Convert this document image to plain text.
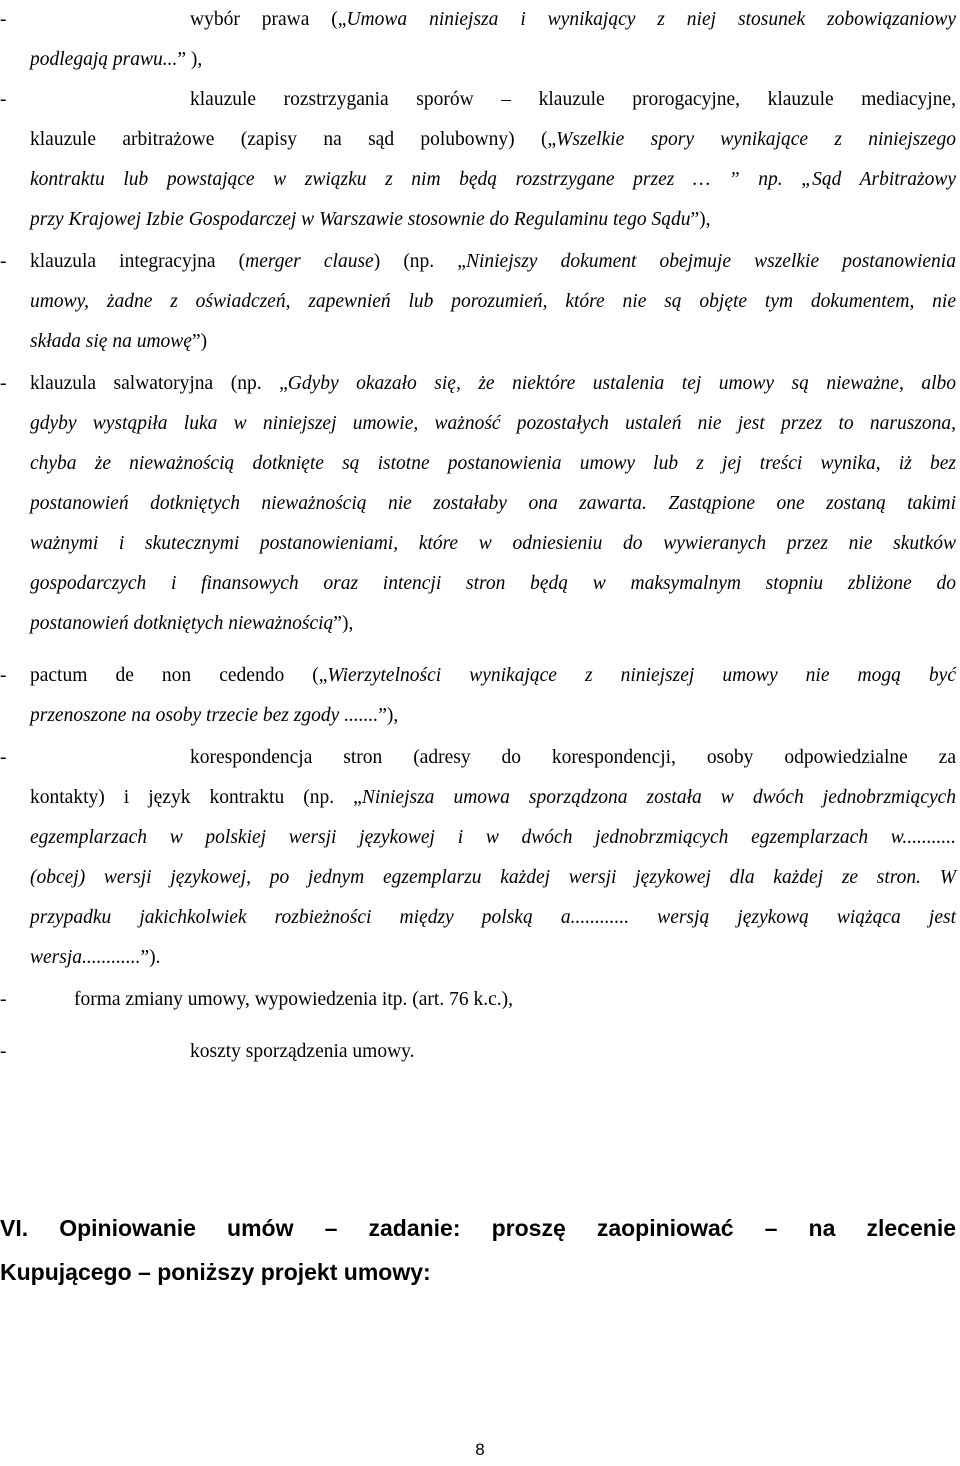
-	wybór prawa („Umowa niniejsza i wynikający z niej stosunek zobowiązaniowy
podlegają prawu...” ),
-	klauzule rozstrzygania sporów – klauzule prorogacyjne, klauzule mediacyjne,
klauzule arbitrażowe (zapisy na sąd polubowny) („Wszelkie spory wynikające z niniejszego
kontraktu lub powstające w związku z nim będą rozstrzygane przez … ” np. „Sąd Arbitrażowy
przy Krajowej Izbie Gospodarczej w Warszawie stosownie do Regulaminu tego Sądu”),
- klauzula integracyjna (merger clause) (np. „Niniejszy dokument obejmuje wszelkie postanowienia
umowy, żadne z oświadczeń, zapewnień lub porozumień, które nie są objęte tym dokumentem, nie
składa się na umowę”)
- klauzula salwatoryjna (np. „Gdyby okazało się, że niektóre ustalenia tej umowy są nieważne, albo
gdyby wystąpiła luka w niniejszej umowie, ważność pozostałych ustaleń nie jest przez to naruszona,
chyba że nieważnością dotknięte są istotne postanowienia umowy lub z jej treści wynika, iż bez
postanowień dotkniętych nieważnością nie zostałaby ona zawarta. Zastąpione one zostaną takimi
ważnymi i skutecznymi postanowieniami, które w odniesieniu do wywieranych przez nie skutków
gospodarczych i finansowych oraz intencji stron będą w maksymalnym stopniu zbliżone do
postanowień dotkniętych nieważnością”),
- pactum de non cedendo („Wierzytelności wynikające z niniejszej umowy nie mogą być
przenoszone na osoby trzecie bez zgody .......”),
-	korespondencja stron (adresy do korespondencji, osoby odpowiedzialne za
kontakty) i język kontraktu (np. „Niniejsza umowa sporządzona została w dwóch jednobrzmiących
egzemplarzach w polskiej wersji językowej i w dwóch jednobrzmiących egzemplarzach w...........
(obcej) wersji językowej, po jednym egzemplarzu każdej wersji językowej dla każdej ze stron. W
przypadku jakichkolwiek rozbieżności między polską a............ wersją językową wiążąca jest
wersja............”).
-	forma zmiany umowy, wypowiedzenia itp. (art. 76 k.c.),
-	koszty sporządzenia umowy.
VI. Opiniowanie umów – zadanie: proszę zaopiniować – na zlecenie
Kupującego – poniższy projekt umowy:
8
